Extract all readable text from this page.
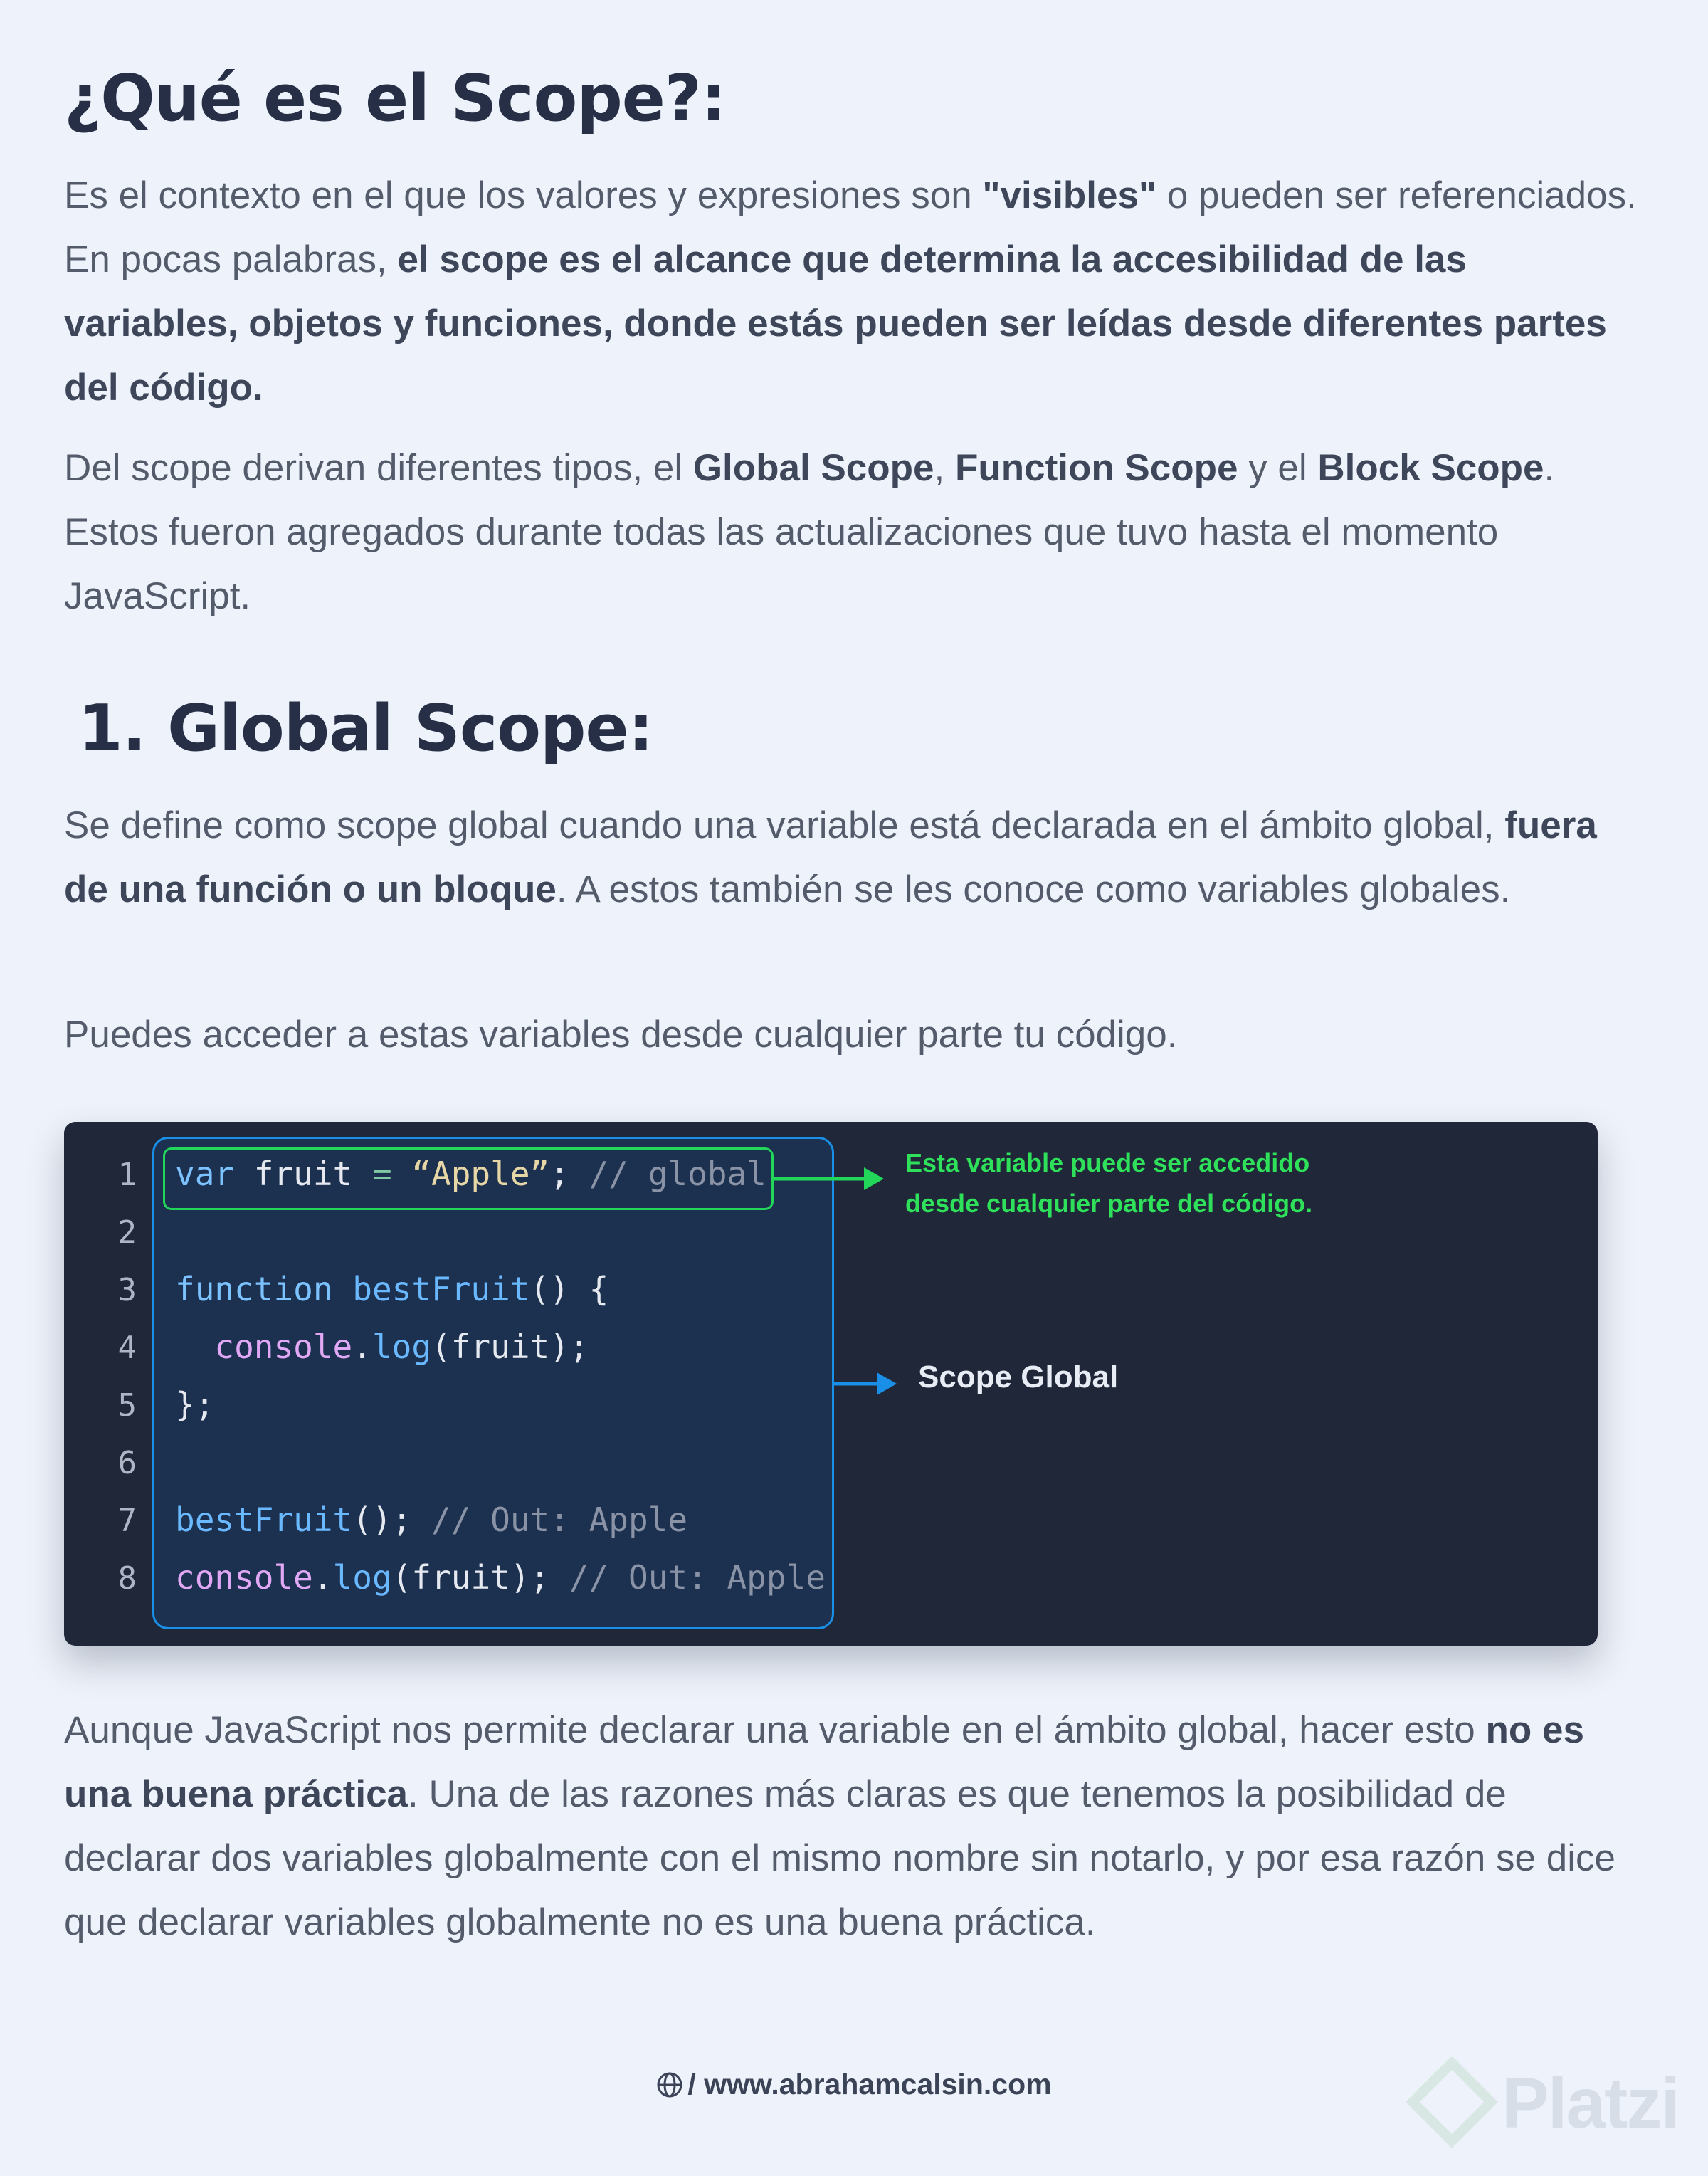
¿Qué es el Scope?:

Es el contexto en el que los valores y expresiones son "visibles" o pueden ser referenciados. En pocas palabras, el scope es el alcance que determina la accesibilidad de las variables, objetos y funciones, donde estás pueden ser leídas desde diferentes partes del código.

Del scope derivan diferentes tipos, el Global Scope, Function Scope y el Block Scope. Estos fueron agregados durante todas las actualizaciones que tuvo hasta el momento JavaScript.

1. Global Scope:

Se define como scope global cuando una variable está declarada en el ámbito global, fuera de una función o un bloque. A estos también se les conoce como variables globales.

Puedes acceder a estas variables desde cualquier parte tu código.

1
2
3
4
5
6
7
8
var fruit = “Apple”; // global
function bestFruit() {
console.log(fruit);
};
bestFruit(); // Out: Apple
console.log(fruit); // Out: Apple

Esta variable puede ser accedido
desde cualquier parte del código.

Scope Global

Aunque JavaScript nos permite declarar una variable en el ámbito global, hacer esto no es una buena práctica. Una de las razones más claras es que tenemos la posibilidad de declarar dos variables globalmente con el mismo nombre sin notarlo, y por esa razón se dice que declarar variables globalmente no es una buena práctica.

/ www.abrahamcalsin.com	Platzi
